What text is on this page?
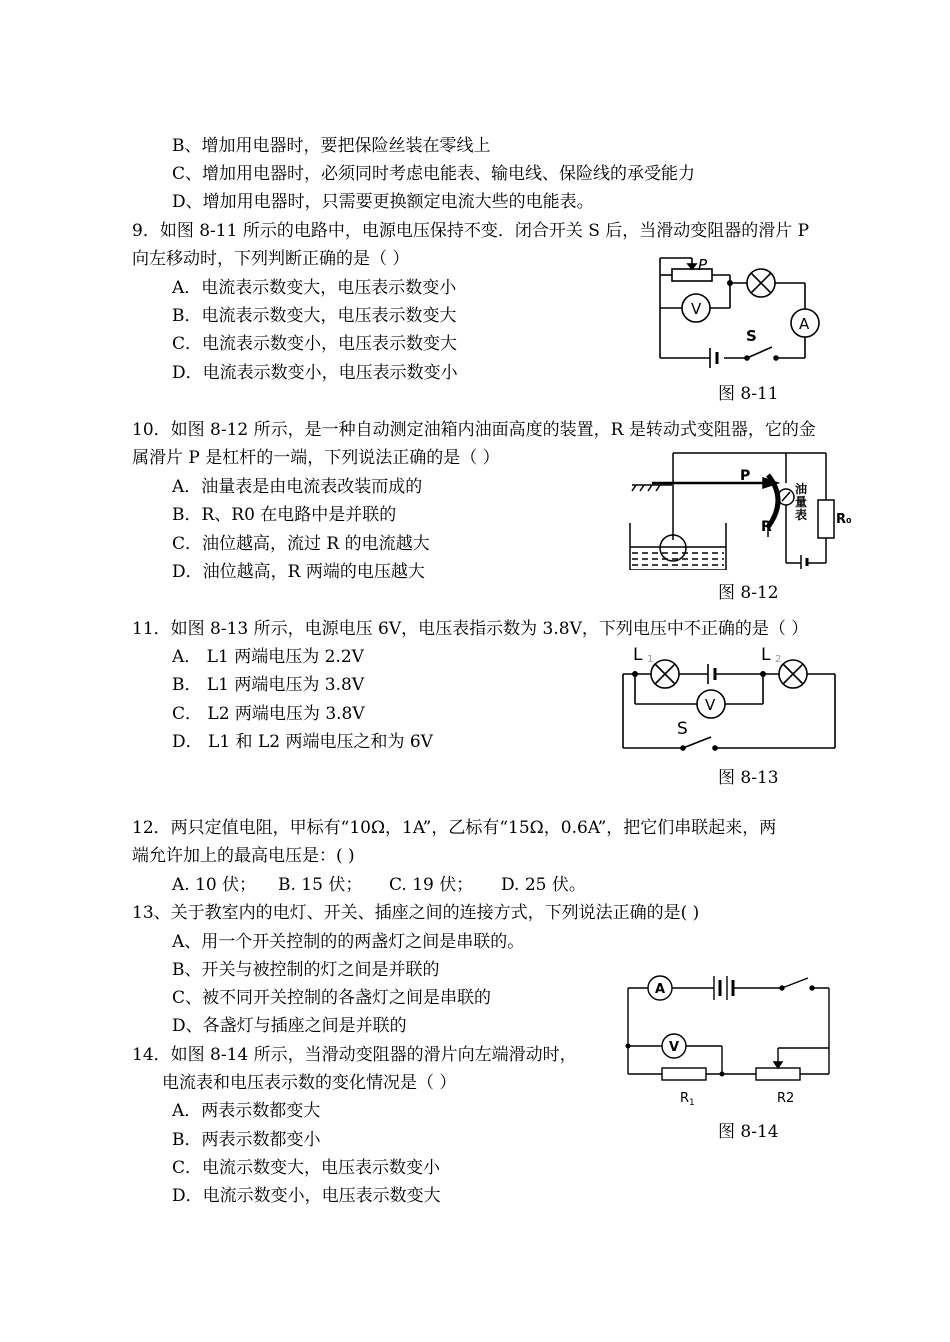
B、增加用电器时，要把保险丝装在零线上
C、增加用电器时，必须同时考虑电能表、输电线、保险线的承受能力
D、增加用电器时，只需要更换额定电流大些的电能表。
9．如图 8-11 所示的电路中，电源电压保持不变．闭合开关 S 后，当滑动变阻器的滑片 P
向左移动时，下列判断正确的是（ ）
A．电流表示数变大，电压表示数变小
B．电流表示数变大，电压表示数变大
C．电流表示数变小，电压表示数变大
D．电流表示数变小，电压表示数变小
P
V
A
S
图 8-11
10．如图 8-12 所示，是一种自动测定油箱内油面高度的装置，R 是转动式变阻器，它的金
属滑片 P 是杠杆的一端，下列说法正确的是（ ）
A．油量表是由电流表改装而成的
B．R、R0 在电路中是并联的
C．油位越高，流过 R 的电流越大
D．油位越高，R 两端的电压越大
P
R
油
量
表 R₀
图 8-12
11．如图 8-13 所示，电源电压 6V，电压表指示数为 3.8V，下列电压中不正确的是（ ）
A． L1 两端电压为 2.2V
B． L1 两端电压为 3.8V
C． L2 两端电压为 3.8V
D． L1 和 L2 两端电压之和为 6V
L 1	L 2
V
S
图 8-13
12．两只定值电阻，甲标有“10Ω，1A”，乙标有“15Ω，0.6A”，把它们串联起来，两
端允许加上的最高电压是：( )
A. 10 伏； B. 15 伏； C. 19 伏； D. 25 伏。
13、关于教室内的电灯、开关、插座之间的连接方式，下列说法正确的是( )
A、用一个开关控制的的两盏灯之间是串联的。
B、开关与被控制的灯之间是并联的
C、被不同开关控制的各盏灯之间是串联的
D、各盏灯与插座之间是并联的
14．如图 8-14 所示，当滑动变阻器的滑片向左端滑动时，
电流表和电压表示数的变化情况是（ ）
A．两表示数都变大
B．两表示数都变小
C．电流示数变大，电压表示数变小
D．电流示数变小，电压表示数变大
A
V
R 1	R2
图 8-14
